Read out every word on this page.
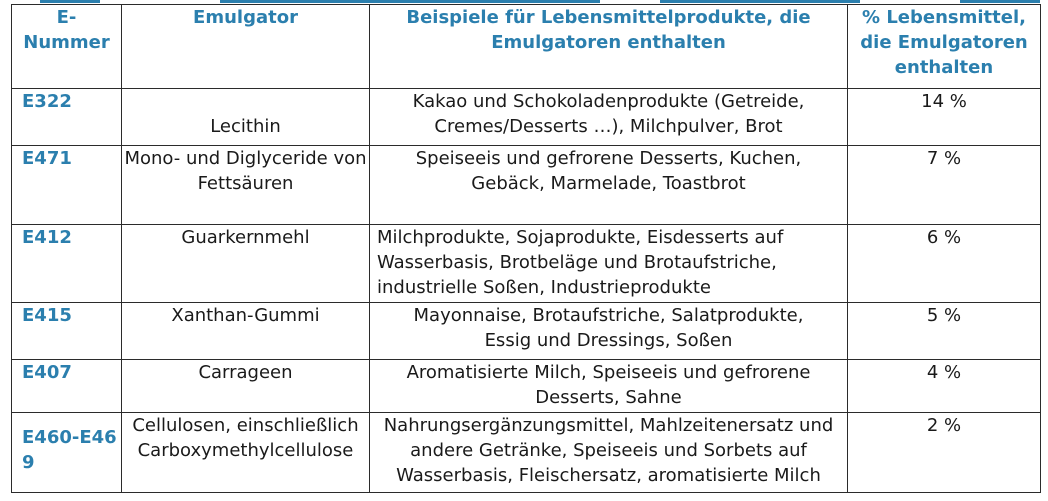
E-Nummer	Emulgator	Beispiele für Lebensmittelprodukte, die Emulgatoren enthalten	% Lebensmittel, die Emulgatoren enthalten
E322	Lecithin	Kakao und Schokoladenprodukte (Getreide, Cremes/Desserts …), Milchpulver, Brot	14 %
E471	Mono- und Diglyceride von Fettsäuren	Speiseeis und gefrorene Desserts, Kuchen, Gebäck, Marmelade, Toastbrot	7 %
E412	Guarkernmehl	Milchprodukte, Sojaprodukte, Eisdesserts auf Wasserbasis, Brotbeläge und Brotaufstriche, industrielle Soßen, Industrieprodukte	6 %
E415	Xanthan-Gummi	Mayonnaise, Brotaufstriche, Salatprodukte, Essig und Dressings, Soßen	5 %
E407	Carrageen	Aromatisierte Milch, Speiseeis und gefrorene Desserts, Sahne	4 %
E460-E469	Cellulosen, einschließlich Carboxymethylcellulose	Nahrungsergänzungsmittel, Mahlzeitenersatz und andere Getränke, Speiseeis und Sorbets auf Wasserbasis, Fleischersatz, aromatisierte Milch	2 %
